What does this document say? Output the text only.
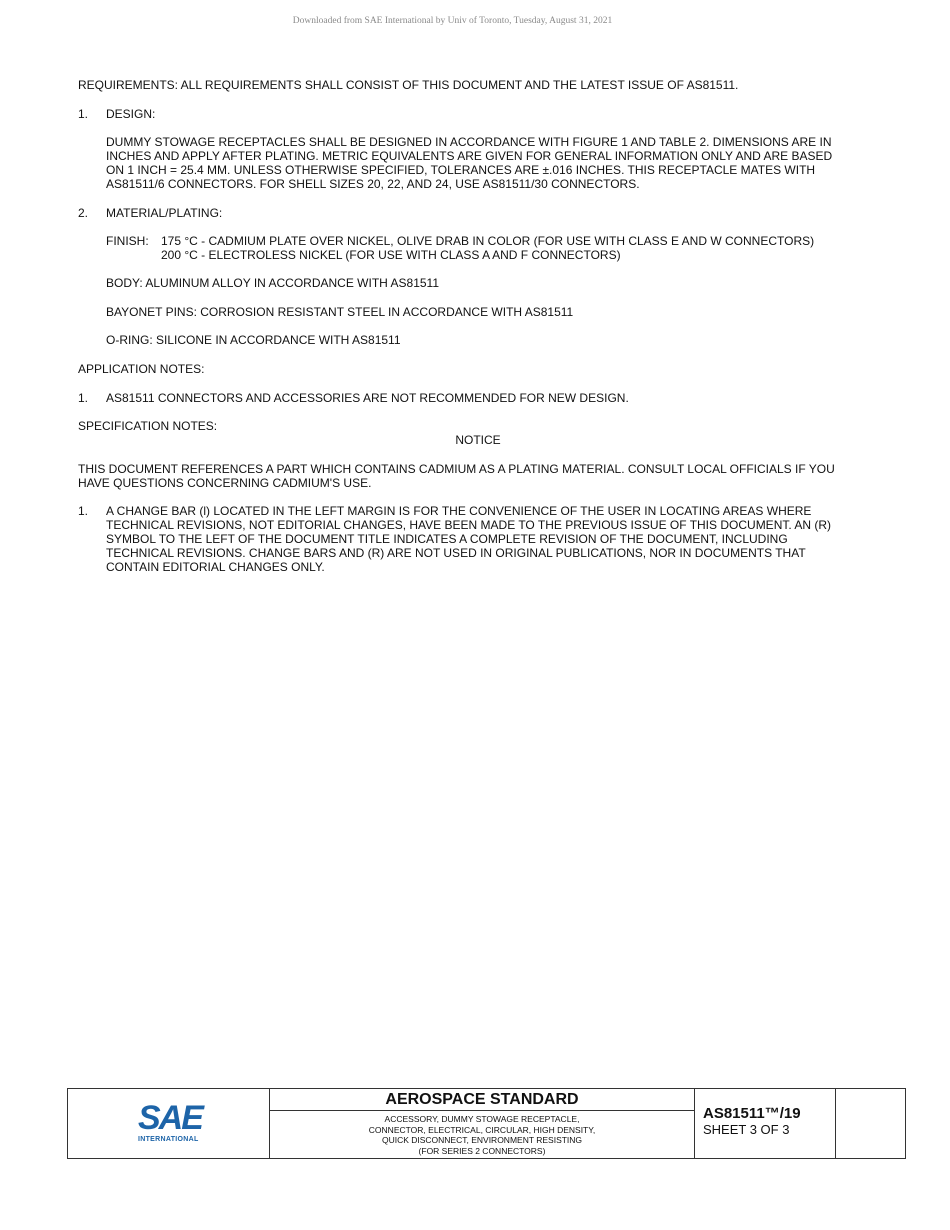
Downloaded from SAE International by Univ of Toronto, Tuesday, August 31, 2021

REQUIREMENTS: ALL REQUIREMENTS SHALL CONSIST OF THIS DOCUMENT AND THE LATEST ISSUE OF AS81511.

1.	DESIGN:
DUMMY STOWAGE RECEPTACLES SHALL BE DESIGNED IN ACCORDANCE WITH FIGURE 1 AND TABLE 2. DIMENSIONS ARE IN
INCHES AND APPLY AFTER PLATING. METRIC EQUIVALENTS ARE GIVEN FOR GENERAL INFORMATION ONLY AND ARE BASED
ON 1 INCH = 25.4 MM. UNLESS OTHERWISE SPECIFIED, TOLERANCES ARE ±.016 INCHES. THIS RECEPTACLE MATES WITH
AS81511/6 CONNECTORS. FOR SHELL SIZES 20, 22, AND 24, USE AS81511/30 CONNECTORS.
2.	MATERIAL/PLATING:
FINISH:	175 °C - CADMIUM PLATE OVER NICKEL, OLIVE DRAB IN COLOR (FOR USE WITH CLASS E AND W CONNECTORS)
200 °C - ELECTROLESS NICKEL (FOR USE WITH CLASS A AND F CONNECTORS)
BODY: ALUMINUM ALLOY IN ACCORDANCE WITH AS81511
BAYONET PINS: CORROSION RESISTANT STEEL IN ACCORDANCE WITH AS81511
O-RING: SILICONE IN ACCORDANCE WITH AS81511
APPLICATION NOTES:
1.	AS81511 CONNECTORS AND ACCESSORIES ARE NOT RECOMMENDED FOR NEW DESIGN.
SPECIFICATION NOTES:
NOTICE
THIS DOCUMENT REFERENCES A PART WHICH CONTAINS CADMIUM AS A PLATING MATERIAL. CONSULT LOCAL OFFICIALS IF YOU
HAVE QUESTIONS CONCERNING CADMIUM'S USE.
1.	A CHANGE BAR (l) LOCATED IN THE LEFT MARGIN IS FOR THE CONVENIENCE OF THE USER IN LOCATING AREAS WHERE
TECHNICAL REVISIONS, NOT EDITORIAL CHANGES, HAVE BEEN MADE TO THE PREVIOUS ISSUE OF THIS DOCUMENT. AN (R)
SYMBOL TO THE LEFT OF THE DOCUMENT TITLE INDICATES A COMPLETE REVISION OF THE DOCUMENT, INCLUDING
TECHNICAL REVISIONS. CHANGE BARS AND (R) ARE NOT USED IN ORIGINAL PUBLICATIONS, NOR IN DOCUMENTS THAT
CONTAIN EDITORIAL CHANGES ONLY.
SAE
INTERNATIONAL
AEROSPACE STANDARD
ACCESSORY, DUMMY STOWAGE RECEPTACLE,
CONNECTOR, ELECTRICAL, CIRCULAR, HIGH DENSITY,
QUICK DISCONNECT, ENVIRONMENT RESISTING
(FOR SERIES 2 CONNECTORS)
AS81511™/19
SHEET 3 OF 3
